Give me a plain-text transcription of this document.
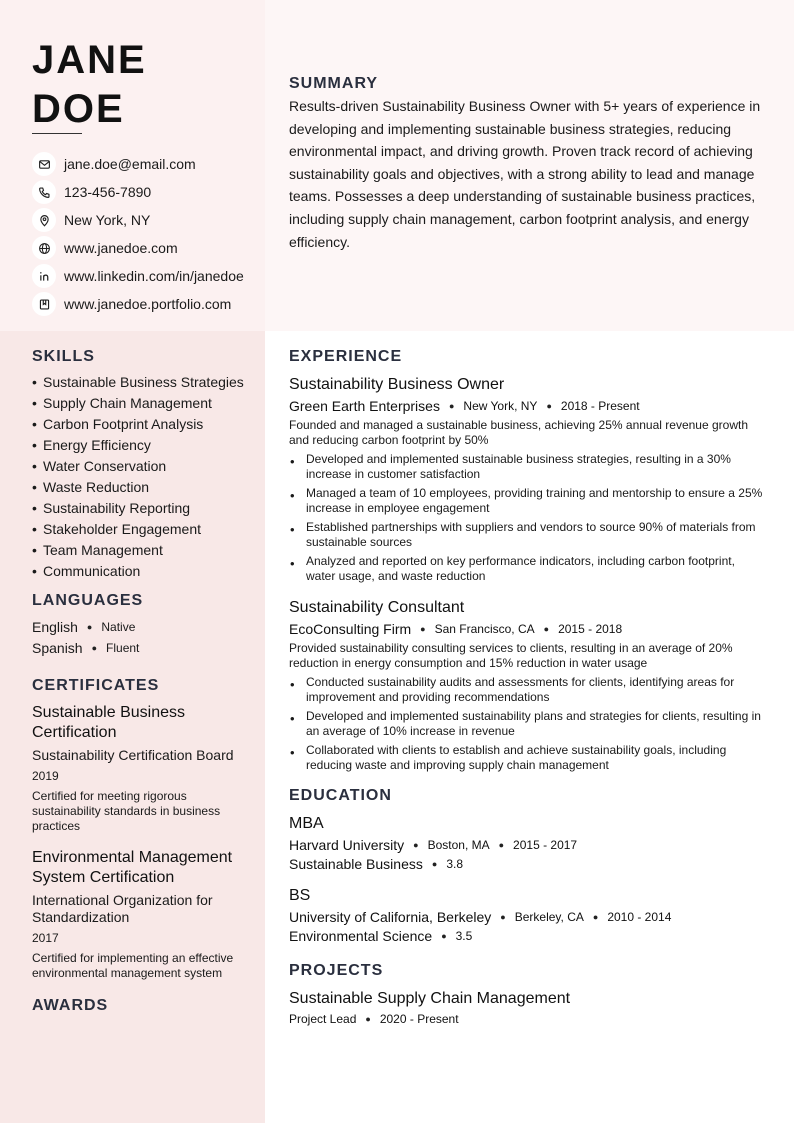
JANE
DOE
jane.doe@email.com
123-456-7890
New York, NY
www.janedoe.com
www.linkedin.com/in/janedoe
www.janedoe.portfolio.com
SUMMARY

Results-driven Sustainability Business Owner with 5+ years of experience in developing and implementing sustainable business strategies, reducing environmental impact, and driving growth. Proven track record of achieving sustainability goals and objectives, with a strong ability to lead and manage teams. Possesses a deep understanding of sustainable business practices, including supply chain management, carbon footprint analysis, and energy efficiency.

SKILLS
• Sustainable Business Strategies
• Supply Chain Management
• Carbon Footprint Analysis
• Energy Efficiency
• Water Conservation
• Waste Reduction
• Sustainability Reporting
• Stakeholder Engagement
• Team Management
• Communication
LANGUAGES
English ● Native
Spanish ● Fluent
CERTIFICATES
Sustainable Business Certification
Sustainability Certification Board
2019
Certified for meeting rigorous sustainability standards in business practices
Environmental Management System Certification
International Organization for Standardization
2017
Certified for implementing an effective environmental management system
AWARDS
EXPERIENCE
Sustainability Business Owner
Green Earth Enterprises ● New York, NY ● 2018 - Present
Founded and managed a sustainable business, achieving 25% annual revenue growth and reducing carbon footprint by 50%
• Developed and implemented sustainable business strategies, resulting in a 30% increase in customer satisfaction
• Managed a team of 10 employees, providing training and mentorship to ensure a 25% increase in employee engagement
• Established partnerships with suppliers and vendors to source 90% of materials from sustainable sources
• Analyzed and reported on key performance indicators, including carbon footprint, water usage, and waste reduction
Sustainability Consultant
EcoConsulting Firm ● San Francisco, CA ● 2015 - 2018
Provided sustainability consulting services to clients, resulting in an average of 20% reduction in energy consumption and 15% reduction in water usage
• Conducted sustainability audits and assessments for clients, identifying areas for improvement and providing recommendations
• Developed and implemented sustainability plans and strategies for clients, resulting in an average of 10% increase in revenue
• Collaborated with clients to establish and achieve sustainability goals, including reducing waste and improving supply chain management
EDUCATION
MBA
Harvard University ● Boston, MA ● 2015 - 2017
Sustainable Business ● 3.8
BS
University of California, Berkeley ● Berkeley, CA ● 2010 - 2014
Environmental Science ● 3.5
PROJECTS
Sustainable Supply Chain Management
Project Lead ● 2020 - Present
